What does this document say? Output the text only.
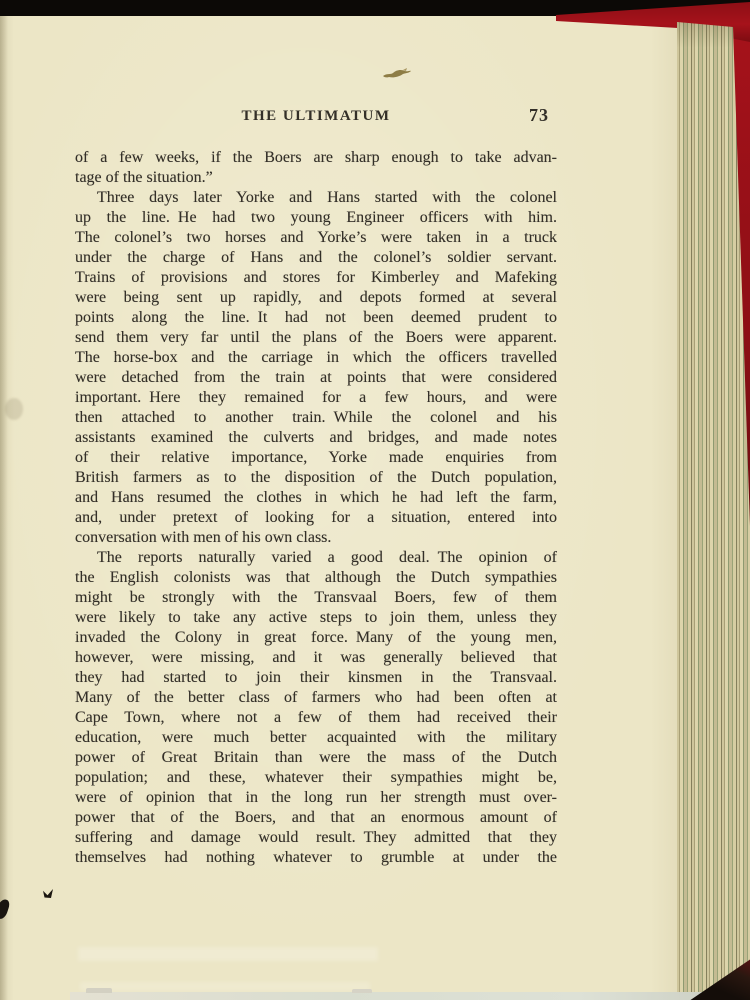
THE ULTIMATUM	73
of a few weeks, if the Boers are sharp enough to take advan-
tage of the situation.”
Three days later Yorke and Hans started with the colonel
up the line. He had two young Engineer officers with him.
The colonel’s two horses and Yorke’s were taken in a truck
under the charge of Hans and the colonel’s soldier servant.
Trains of provisions and stores for Kimberley and Mafeking
were being sent up rapidly, and depots formed at several
points along the line. It had not been deemed prudent to
send them very far until the plans of the Boers were apparent.
The horse-box and the carriage in which the officers travelled
were detached from the train at points that were considered
important. Here they remained for a few hours, and were
then attached to another train. While the colonel and his
assistants examined the culverts and bridges, and made notes
of their relative importance, Yorke made enquiries from
British farmers as to the disposition of the Dutch population,
and Hans resumed the clothes in which he had left the farm,
and, under pretext of looking for a situation, entered into
conversation with men of his own class.
The reports naturally varied a good deal. The opinion of
the English colonists was that although the Dutch sympathies
might be strongly with the Transvaal Boers, few of them
were likely to take any active steps to join them, unless they
invaded the Colony in great force. Many of the young men,
however, were missing, and it was generally believed that
they had started to join their kinsmen in the Transvaal.
Many of the better class of farmers who had been often at
Cape Town, where not a few of them had received their
education, were much better acquainted with the military
power of Great Britain than were the mass of the Dutch
population; and these, whatever their sympathies might be,
were of opinion that in the long run her strength must over-
power that of the Boers, and that an enormous amount of
suffering and damage would result. They admitted that they
themselves had nothing whatever to grumble at under the
